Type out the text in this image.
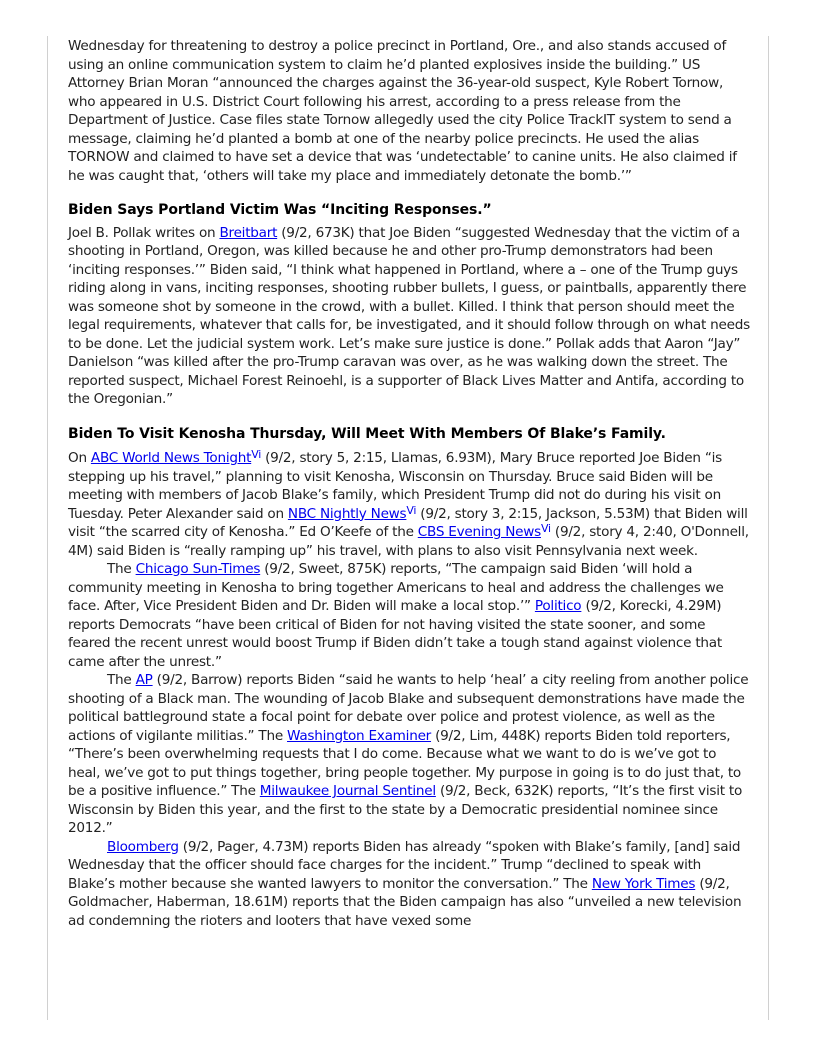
Wednesday for threatening to destroy a police precinct in Portland, Ore., and also stands accused of using an online communication system to claim he’d planted explosives inside the building.” US Attorney Brian Moran “announced the charges against the 36-year-old suspect, Kyle Robert Tornow, who appeared in U.S. District Court following his arrest, according to a press release from the Department of Justice. Case files state Tornow allegedly used the city Police TrackIT system to send a message, claiming he’d planted a bomb at one of the nearby police precincts. He used the alias TORNOW and claimed to have set a device that was ‘undetectable’ to canine units. He also claimed if he was caught that, ‘others will take my place and immediately detonate the bomb.’”

Biden Says Portland Victim Was “Inciting Responses.”

Joel B. Pollak writes on Breitbart (9/2, 673K) that Joe Biden “suggested Wednesday that the victim of a shooting in Portland, Oregon, was killed because he and other pro-Trump demonstrators had been ‘inciting responses.’” Biden said, “I think what happened in Portland, where a – one of the Trump guys riding along in vans, inciting responses, shooting rubber bullets, I guess, or paintballs, apparently there was someone shot by someone in the crowd, with a bullet. Killed. I think that person should meet the legal requirements, whatever that calls for, be investigated, and it should follow through on what needs to be done. Let the judicial system work. Let’s make sure justice is done.” Pollak adds that Aaron “Jay” Danielson “was killed after the pro-Trump caravan was over, as he was walking down the street. The reported suspect, Michael Forest Reinoehl, is a supporter of Black Lives Matter and Antifa, according to the Oregonian.”

Biden To Visit Kenosha Thursday, Will Meet With Members Of Blake’s Family.

On ABC World News Tonight$^{Vi}$ (9/2, story 5, 2:15, Llamas, 6.93M), Mary Bruce reported Joe Biden “is stepping up his travel,” planning to visit Kenosha, Wisconsin on Thursday. Bruce said Biden will be meeting with members of Jacob Blake’s family, which President Trump did not do during his visit on Tuesday. Peter Alexander said on NBC Nightly News$^{Vi}$ (9/2, story 3, 2:15, Jackson, 5.53M) that Biden will visit “the scarred city of Kenosha.” Ed O’Keefe of the CBS Evening News$^{Vi}$ (9/2, story 4, 2:40, O'Donnell, 4M) said Biden is “really ramping up” his travel, with plans to also visit Pennsylvania next week.

The Chicago Sun-Times (9/2, Sweet, 875K) reports, “The campaign said Biden ‘will hold a community meeting in Kenosha to bring together Americans to heal and address the challenges we face. After, Vice President Biden and Dr. Biden will make a local stop.’” Politico (9/2, Korecki, 4.29M) reports Democrats “have been critical of Biden for not having visited the state sooner, and some feared the recent unrest would boost Trump if Biden didn’t take a tough stand against violence that came after the unrest.”

The AP (9/2, Barrow) reports Biden “said he wants to help ‘heal’ a city reeling from another police shooting of a Black man. The wounding of Jacob Blake and subsequent demonstrations have made the political battleground state a focal point for debate over police and protest violence, as well as the actions of vigilante militias.” The Washington Examiner (9/2, Lim, 448K) reports Biden told reporters, “There’s been overwhelming requests that I do come. Because what we want to do is we’ve got to heal, we’ve got to put things together, bring people together. My purpose in going is to do just that, to be a positive influence.” The Milwaukee Journal Sentinel (9/2, Beck, 632K) reports, “It’s the first visit to Wisconsin by Biden this year, and the first to the state by a Democratic presidential nominee since 2012.”

Bloomberg (9/2, Pager, 4.73M) reports Biden has already “spoken with Blake’s family, [and] said Wednesday that the officer should face charges for the incident.” Trump “declined to speak with Blake’s mother because she wanted lawyers to monitor the conversation.” The New York Times (9/2, Goldmacher, Haberman, 18.61M) reports that the Biden campaign has also “unveiled a new television ad condemning the rioters and looters that have vexed some
